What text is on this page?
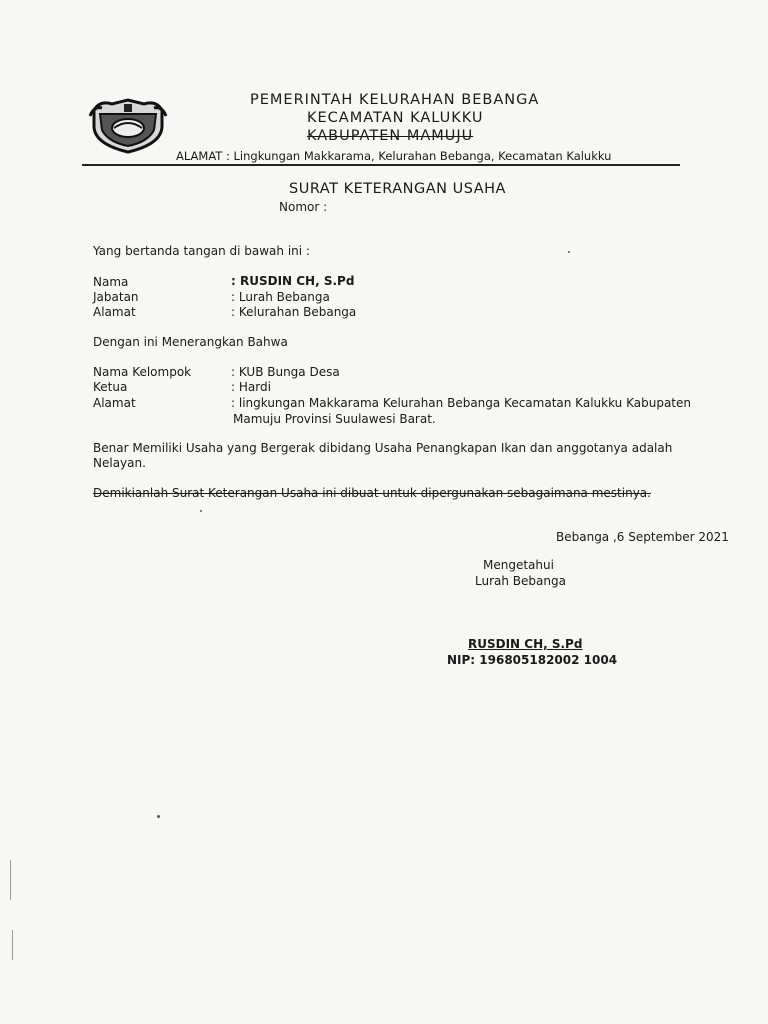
PEMERINTAH KELURAHAN BEBANGA
KECAMATAN KALUKKU
KABUPATEN MAMUJU
ALAMAT : Lingkungan Makkarama, Kelurahan Bebanga, Kecamatan Kalukku
SURAT KETERANGAN USAHA
Nomor :
Yang bertanda tangan di bawah ini :
Nama	: RUSDIN CH, S.Pd
Jabatan	: Lurah Bebanga
Alamat	: Kelurahan Bebanga
Dengan ini Menerangkan Bahwa
Nama Kelompok	: KUB Bunga Desa
Ketua	: Hardi
Alamat	: lingkungan Makkarama Kelurahan Bebanga Kecamatan Kalukku Kabupaten
Mamuju Provinsi Suulawesi Barat.
Benar Memiliki Usaha yang Bergerak dibidang Usaha Penangkapan Ikan dan anggotanya adalah
Nelayan.
Demikianlah Surat Keterangan Usaha ini dibuat untuk dipergunakan sebagaimana mestinya.
Bebanga ,6 September 2021
Mengetahui
Lurah Bebanga
RUSDIN CH, S.Pd
NIP: 196805182002 1004
